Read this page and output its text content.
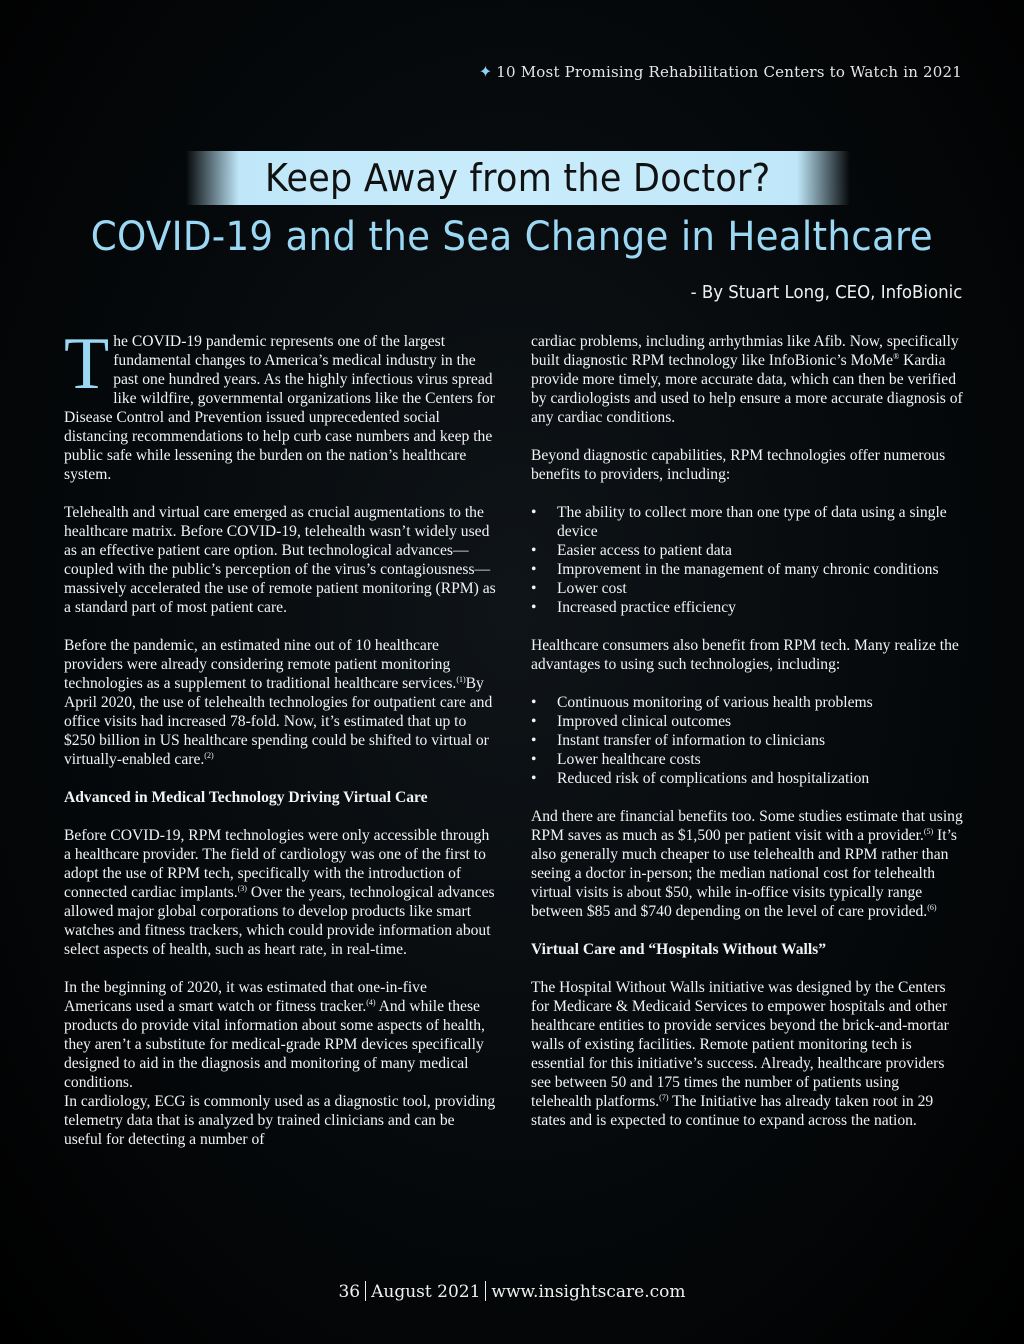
✦ 10 Most Promising Rehabilitation Centers to Watch in 2021
Keep Away from the Doctor?
COVID-19 and the Sea Change in Healthcare
- By Stuart Long, CEO, InfoBionic

The COVID-19 pandemic represents one of the largest fundamental changes to America’s medical industry in the past one hundred years. As the highly infectious virus spread like wildfire, governmental organizations like the Centers for Disease Control and Prevention issued unprecedented social distancing recommendations to help curb case numbers and keep the public safe while lessening the burden on the nation’s healthcare system.

Telehealth and virtual care emerged as crucial augmentations to the healthcare matrix. Before COVID-19, telehealth wasn’t widely used as an effective patient care option. But technological advances—coupled with the public’s perception of the virus’s contagiousness—massively accelerated the use of remote patient monitoring (RPM) as a standard part of most patient care.

Before the pandemic, an estimated nine out of 10 healthcare providers were already considering remote patient monitoring technologies as a supplement to traditional healthcare services.$^{(1)}$By April 2020, the use of telehealth technologies for outpatient care and office visits had increased 78-fold. Now, it’s estimated that up to $250 billion in US healthcare spending could be shifted to virtual or virtually-enabled care.$^{(2)}$

Advanced in Medical Technology Driving Virtual Care

Before COVID-19, RPM technologies were only accessible through a healthcare provider. The field of cardiology was one of the first to adopt the use of RPM tech, specifically with the introduction of connected cardiac implants.$^{(3)}$ Over the years, technological advances allowed major global corporations to develop products like smart watches and fitness trackers, which could provide information about select aspects of health, such as heart rate, in real-time.

In the beginning of 2020, it was estimated that one-in-five Americans used a smart watch or fitness tracker.$^{(4)}$ And while these products do provide vital information about some aspects of health, they aren’t a substitute for medical-grade RPM devices specifically designed to aid in the diagnosis and monitoring of many medical conditions.

In cardiology, ECG is commonly used as a diagnostic tool, providing telemetry data that is analyzed by trained clinicians and can be useful for detecting a number of

cardiac problems, including arrhythmias like Afib. Now, specifically built diagnostic RPM technology like InfoBionic’s MoMe® Kardia provide more timely, more accurate data, which can then be verified by cardiologists and used to help ensure a more accurate diagnosis of any cardiac conditions.

Beyond diagnostic capabilities, RPM technologies offer numerous benefits to providers, including:

• The ability to collect more than one type of data using a single device
• Easier access to patient data
• Improvement in the management of many chronic conditions
• Lower cost
• Increased practice efficiency

Healthcare consumers also benefit from RPM tech. Many realize the advantages to using such technologies, including:

• Continuous monitoring of various health problems
• Improved clinical outcomes
• Instant transfer of information to clinicians
• Lower healthcare costs
• Reduced risk of complications and hospitalization

And there are financial benefits too. Some studies estimate that using RPM saves as much as $1,500 per patient visit with a provider.$^{(5)}$ It’s also generally much cheaper to use telehealth and RPM rather than seeing a doctor in-person; the median national cost for telehealth virtual visits is about $50, while in-office visits typically range between $85 and $740 depending on the level of care provided.$^{(6)}$

Virtual Care and “Hospitals Without Walls”

The Hospital Without Walls initiative was designed by the Centers for Medicare & Medicaid Services to empower hospitals and other healthcare entities to provide services beyond the brick-and-mortar walls of existing facilities. Remote patient monitoring tech is essential for this initiative’s success. Already, healthcare providers see between 50 and 175 times the number of patients using telehealth platforms.$^{(7)}$ The Initiative has already taken root in 29 states and is expected to continue to expand across the nation.

36 August 2021 www.insightscare.com
